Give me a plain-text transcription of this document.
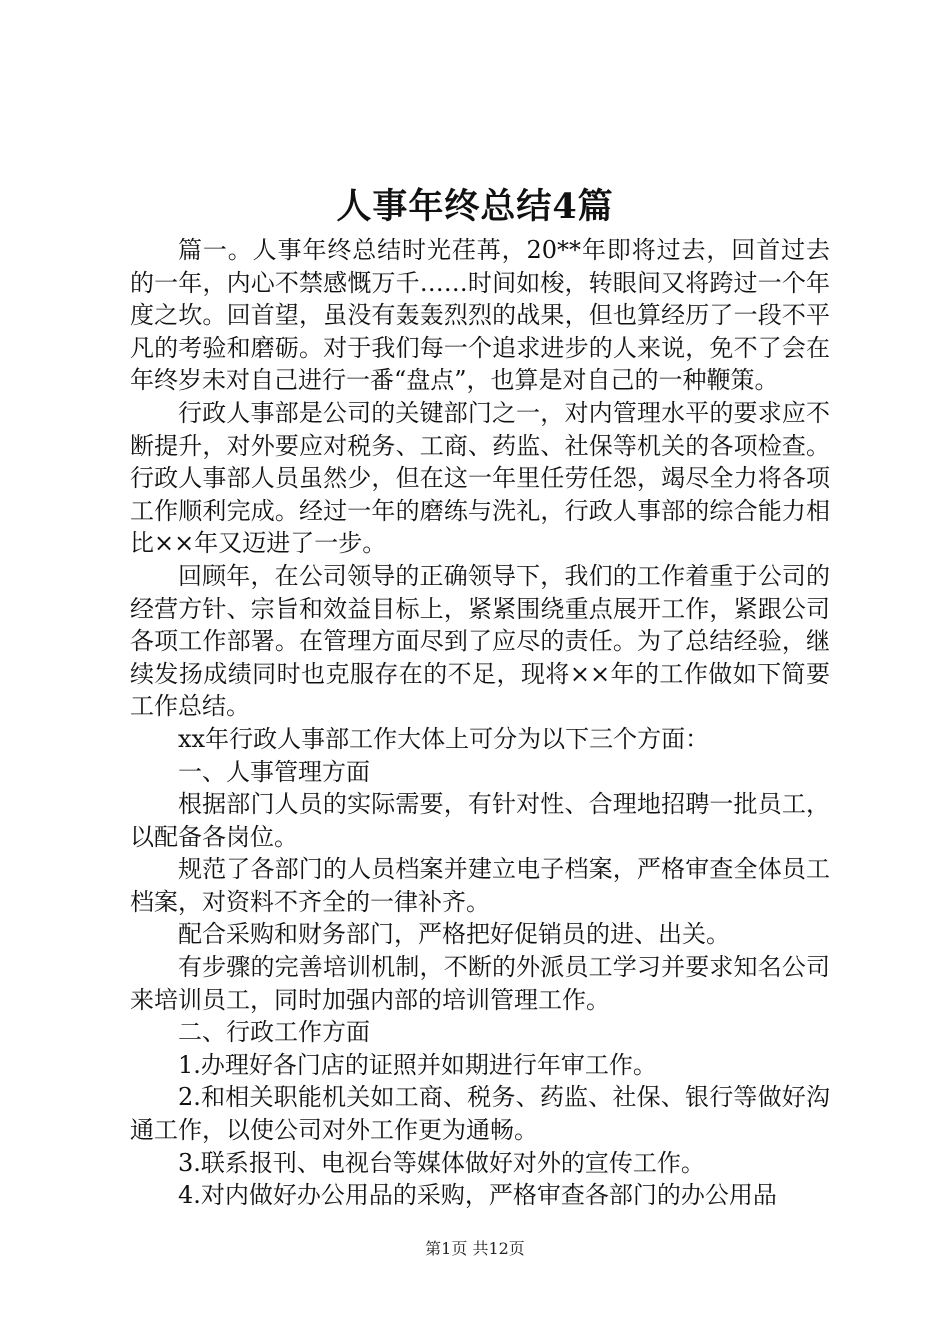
人事年终总结4篇

篇一。人事年终总结时光荏苒，20**年即将过去，回首过去的一年，内心不禁感慨万千……时间如梭，转眼间又将跨过一个年度之坎。回首望，虽没有轰轰烈烈的战果，但也算经历了一段不平凡的考验和磨砺。对于我们每一个追求进步的人来说，免不了会在年终岁未对自己进行一番“盘点”，也算是对自己的一种鞭策。

行政人事部是公司的关键部门之一，对内管理水平的要求应不断提升，对外要应对税务、工商、药监、社保等机关的各项检查。行政人事部人员虽然少，但在这一年里任劳任怨，竭尽全力将各项工作顺利完成。经过一年的磨练与洗礼，行政人事部的综合能力相比××年又迈进了一步。

回顾年，在公司领导的正确领导下，我们的工作着重于公司的经营方针、宗旨和效益目标上，紧紧围绕重点展开工作，紧跟公司各项工作部署。在管理方面尽到了应尽的责任。为了总结经验，继续发扬成绩同时也克服存在的不足，现将××年的工作做如下简要工作总结。

xx年行政人事部工作大体上可分为以下三个方面：

一、人事管理方面

根据部门人员的实际需要，有针对性、合理地招聘一批员工，以配备各岗位。

规范了各部门的人员档案并建立电子档案，严格审查全体员工档案，对资料不齐全的一律补齐。

配合采购和财务部门，严格把好促销员的进、出关。

有步骤的完善培训机制，不断的外派员工学习并要求知名公司来培训员工，同时加强内部的培训管理工作。

二、行政工作方面

1.办理好各门店的证照并如期进行年审工作。

2.和相关职能机关如工商、税务、药监、社保、银行等做好沟通工作，以使公司对外工作更为通畅。

3.联系报刊、电视台等媒体做好对外的宣传工作。

4.对内做好办公用品的采购，严格审查各部门的办公用品

第1页 共12页
